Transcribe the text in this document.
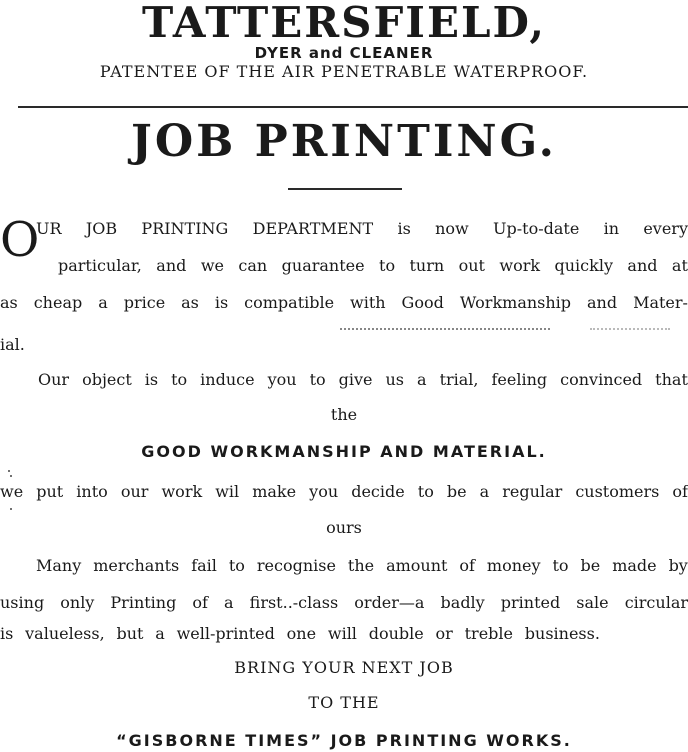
TATTERSFIELD,
DYER and CLEANER
PATENTEE OF THE AIR PENETRABLE WATERPROOF.
JOB PRINTING.
O
UR JOB PRINTING DEPARTMENT is now Up-to-date in every
particular, and we can guarantee to turn out work quickly and at
as cheap a price as is compatible with Good Workmanship and Mater-
ial.
Our object is to induce you to give us a trial, feeling convinced that
the
GOOD WORKMANSHIP AND MATERIAL.
we put into our work wil make you decide to be a regular customers of
ours
Many merchants fail to recognise the amount of money to be made by
using only Printing of a first..-class order—a badly printed sale circular
is valueless, but a well-printed one will double or treble business.
BRING YOUR NEXT JOB
TO THE
“GISBORNE TIMES” JOB PRINTING WORKS.
